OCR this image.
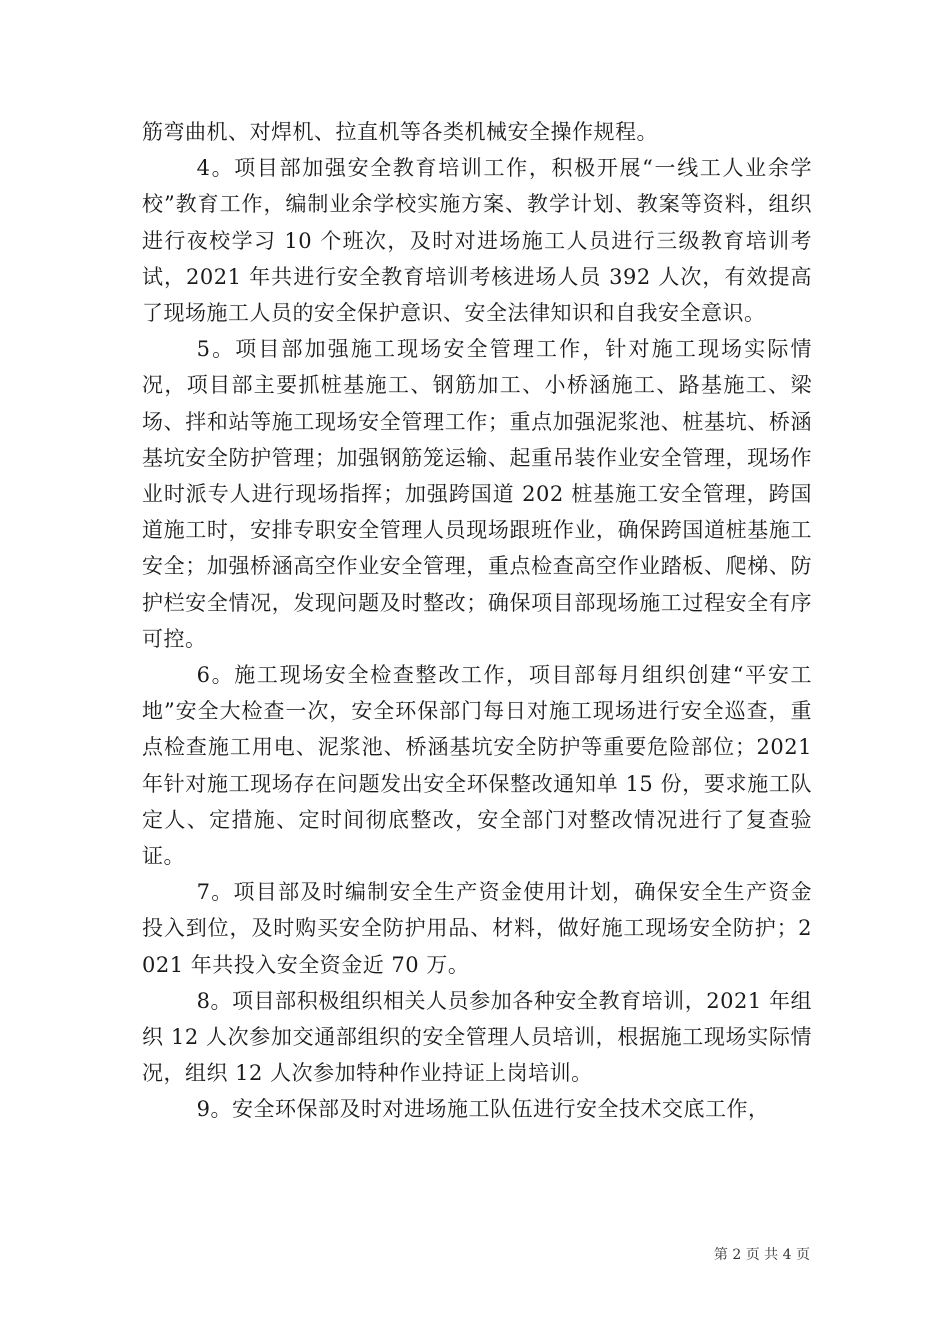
筋弯曲机、对焊机、拉直机等各类机械安全操作规程。

4。项目部加强安全教育培训工作，积极开展“一线工人业余学校”教育工作，编制业余学校实施方案、教学计划、教案等资料，组织进行夜校学习 10 个班次，及时对进场施工人员进行三级教育培训考试，2021 年共进行安全教育培训考核进场人员 392 人次，有效提高了现场施工人员的安全保护意识、安全法律知识和自我安全意识。

5。项目部加强施工现场安全管理工作，针对施工现场实际情况，项目部主要抓桩基施工、钢筋加工、小桥涵施工、路基施工、梁场、拌和站等施工现场安全管理工作；重点加强泥浆池、桩基坑、桥涵基坑安全防护管理；加强钢筋笼运输、起重吊装作业安全管理，现场作业时派专人进行现场指挥；加强跨国道 202 桩基施工安全管理，跨国道施工时，安排专职安全管理人员现场跟班作业，确保跨国道桩基施工安全；加强桥涵高空作业安全管理，重点检查高空作业踏板、爬梯、防护栏安全情况，发现问题及时整改；确保项目部现场施工过程安全有序可控。

6。施工现场安全检查整改工作，项目部每月组织创建“平安工地”安全大检查一次，安全环保部门每日对施工现场进行安全巡查，重点检查施工用电、泥浆池、桥涵基坑安全防护等重要危险部位；2021 年针对施工现场存在问题发出安全环保整改通知单 15 份，要求施工队定人、定措施、定时间彻底整改，安全部门对整改情况进行了复查验证。

7。项目部及时编制安全生产资金使用计划，确保安全生产资金投入到位，及时购买安全防护用品、材料，做好施工现场安全防护；2021 年共投入安全资金近 70 万。

8。项目部积极组织相关人员参加各种安全教育培训，2021 年组织 12 人次参加交通部组织的安全管理人员培训，根据施工现场实际情况，组织 12 人次参加特种作业持证上岗培训。

9。安全环保部及时对进场施工队伍进行安全技术交底工作，

第 2 页 共 4 页
